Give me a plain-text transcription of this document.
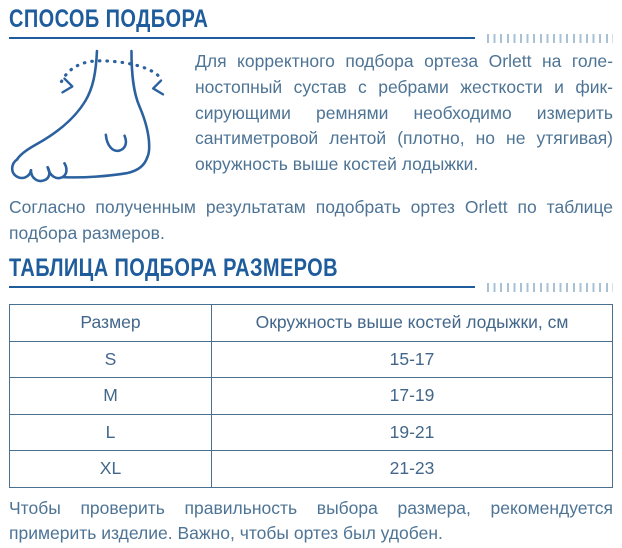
СПОСОБ ПОДБОРА
Для корректного подбора ортеза Orlett на голе-
ностопный сустав с ребрами жесткости и фик-
сирующими ремнями необходимо измерить
сантиметровой лентой (плотно, но не утягивая)
окружность выше костей лодыжки.
Согласно полученным результатам подобрать ортез Orlett по таблице
подбора размеров.
ТАБЛИЦА ПОДБОРА РАЗМЕРОВ
Размер	Окружность выше костей лодыжки, см
S	15-17
M	17-19
L	19-21
XL	21-23
Чтобы проверить правильность выбора размера, рекомендуется
примерить изделие. Важно, чтобы ортез был удобен.
